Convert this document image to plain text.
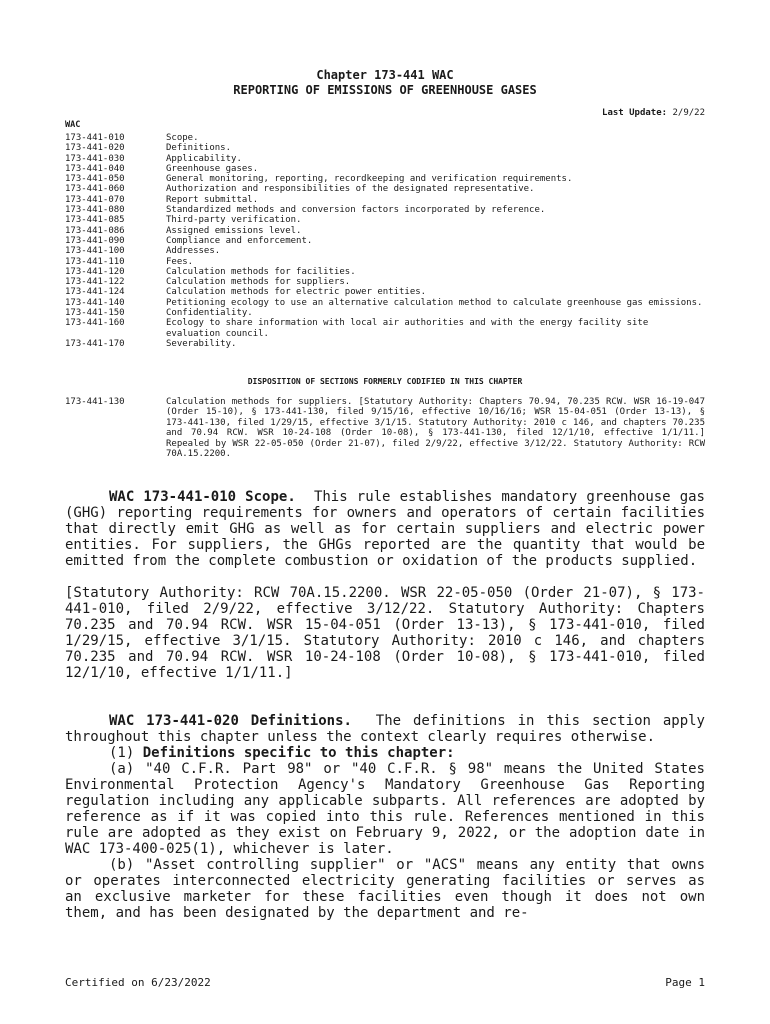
Chapter 173-441 WAC
REPORTING OF EMISSIONS OF GREENHOUSE GASES
Last Update: 2/9/22
WAC
173-441-010	Scope.
173-441-020	Definitions.
173-441-030	Applicability.
173-441-040	Greenhouse gases.
173-441-050	General monitoring, reporting, recordkeeping and verification requirements.
173-441-060	Authorization and responsibilities of the designated representative.
173-441-070	Report submittal.
173-441-080	Standardized methods and conversion factors incorporated by reference.
173-441-085	Third-party verification.
173-441-086	Assigned emissions level.
173-441-090	Compliance and enforcement.
173-441-100	Addresses.
173-441-110	Fees.
173-441-120	Calculation methods for facilities.
173-441-122	Calculation methods for suppliers.
173-441-124	Calculation methods for electric power entities.
173-441-140	Petitioning ecology to use an alternative calculation method to calculate greenhouse gas emissions.
173-441-150	Confidentiality.
173-441-160	Ecology to share information with local air authorities and with the energy facility site evaluation council.
173-441-170	Severability.
DISPOSITION OF SECTIONS FORMERLY CODIFIED IN THIS CHAPTER
173-441-130	Calculation methods for suppliers. [Statutory Authority: Chapters 70.94, 70.235 RCW. WSR 16-19-047 (Order 15-10), § 173-441-130, filed 9/15/16, effective 10/16/16; WSR 15-04-051 (Order 13-13), § 173-441-130, filed 1/29/15, effective 3/1/15. Statutory Authority: 2010 c 146, and chapters 70.235 and 70.94 RCW. WSR 10-24-108 (Order 10-08), § 173-441-130, filed 12/1/10, effective 1/1/11.] Repealed by WSR 22-05-050 (Order 21-07), filed 2/9/22, effective 3/12/22. Statutory Authority: RCW 70A.15.2200.

WAC 173-441-010 Scope. This rule establishes mandatory greenhouse gas (GHG) reporting requirements for owners and operators of certain facilities that directly emit GHG as well as for certain suppliers and electric power entities. For suppliers, the GHGs reported are the quantity that would be emitted from the complete combustion or oxidation of the products supplied.

[Statutory Authority: RCW 70A.15.2200. WSR 22-05-050 (Order 21-07), § 173-441-010, filed 2/9/22, effective 3/12/22. Statutory Authority: Chapters 70.235 and 70.94 RCW. WSR 15-04-051 (Order 13-13), § 173-441-010, filed 1/29/15, effective 3/1/15. Statutory Authority: 2010 c 146, and chapters 70.235 and 70.94 RCW. WSR 10-24-108 (Order 10-08), § 173-441-010, filed 12/1/10, effective 1/1/11.]

WAC 173-441-020 Definitions. The definitions in this section apply throughout this chapter unless the context clearly requires otherwise.

(1) Definitions specific to this chapter:

(a) "40 C.F.R. Part 98" or "40 C.F.R. § 98" means the United States Environmental Protection Agency's Mandatory Greenhouse Gas Reporting regulation including any applicable subparts. All references are adopted by reference as if it was copied into this rule. References mentioned in this rule are adopted as they exist on February 9, 2022, or the adoption date in WAC 173-400-025(1), whichever is later.

(b) "Asset controlling supplier" or "ACS" means any entity that owns or operates interconnected electricity generating facilities or serves as an exclusive marketer for these facilities even though it does not own them, and has been designated by the department and re-

Certified on 6/23/2022	Page 1
